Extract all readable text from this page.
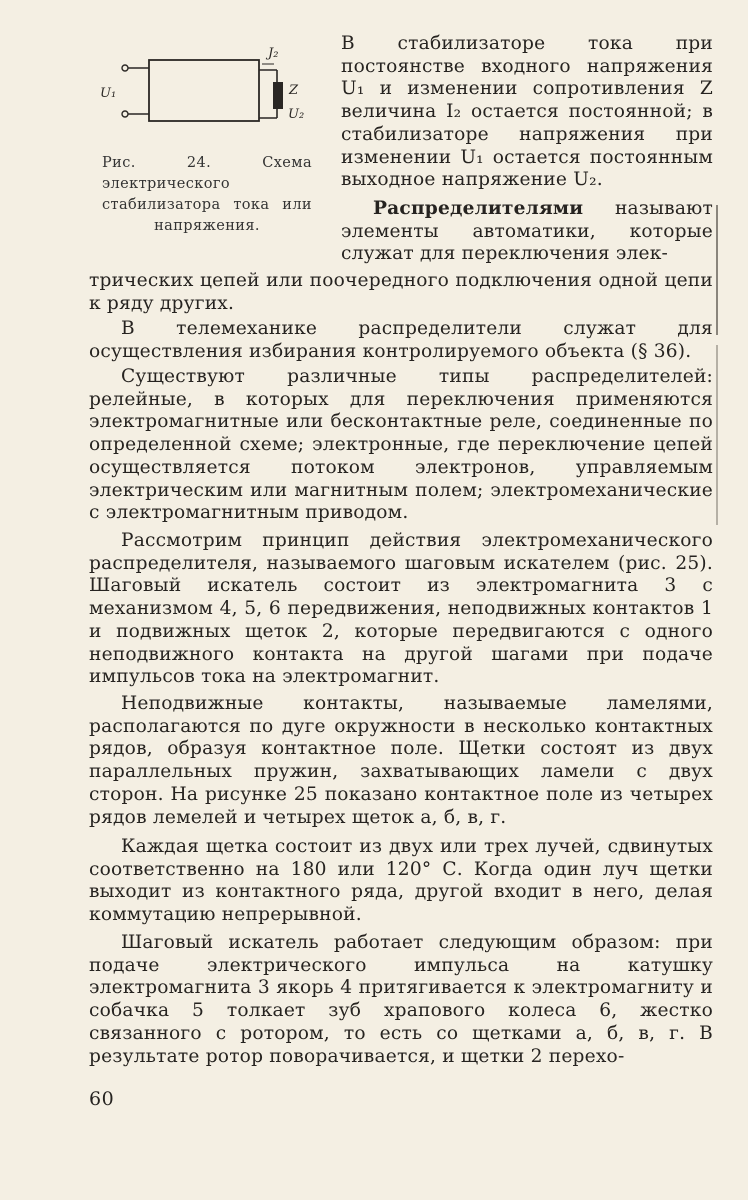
J₂
Z
U₁
U₂
Рис. 24. Схема электрического стабилизатора тока или напряжения.

В стабилизаторе тока при постоянстве входного напряжения U₁ и изменении сопротивления Z величина I₂ остается постоянной; в стабилизаторе напряжения при изменении U₁ остается постоянным выходное напряжение U₂.

Распределителями называют элементы автоматики, которые служат для переключения элек-

трических цепей или поочередного подключения одной цепи к ряду других.

В телемеханике распределители служат для осуществления избирания контролируемого объекта (§ 36).

Существуют различные типы распределителей: релейные, в которых для переключения применяются электромагнитные или бесконтактные реле, соединенные по определенной схеме; электронные, где переключение цепей осуществляется потоком электронов, управляемым электрическим или магнитным полем; электромеханические с электромагнитным приводом.

Рассмотрим принцип действия электромеханического распределителя, называемого шаговым искателем (рис. 25). Шаговый искатель состоит из электромагнита 3 с механизмом 4, 5, 6 передвижения, неподвижных контактов 1 и подвижных щеток 2, которые передвигаются с одного неподвижного контакта на другой шагами при подаче импульсов тока на электромагнит.

Неподвижные контакты, называемые ламелями, располагаются по дуге окружности в несколько контактных рядов, образуя контактное поле. Щетки состоят из двух параллельных пружин, захватывающих ламели с двух сторон. На рисунке 25 показано контактное поле из четырех рядов лемелей и четырех щеток а, б, в, г.

Каждая щетка состоит из двух или трех лучей, сдвинутых соответственно на 180 или 120° С. Когда один луч щетки выходит из контактного ряда, другой входит в него, делая коммутацию непрерывной.

Шаговый искатель работает следующим образом: при подаче электрического импульса на катушку электромагнита 3 якорь 4 притягивается к электромагниту и собачка 5 толкает зуб храпового колеса 6, жестко связанного с ротором, то есть со щетками а, б, в, г. В результате ротор поворачивается, и щетки 2 перехо-

60
